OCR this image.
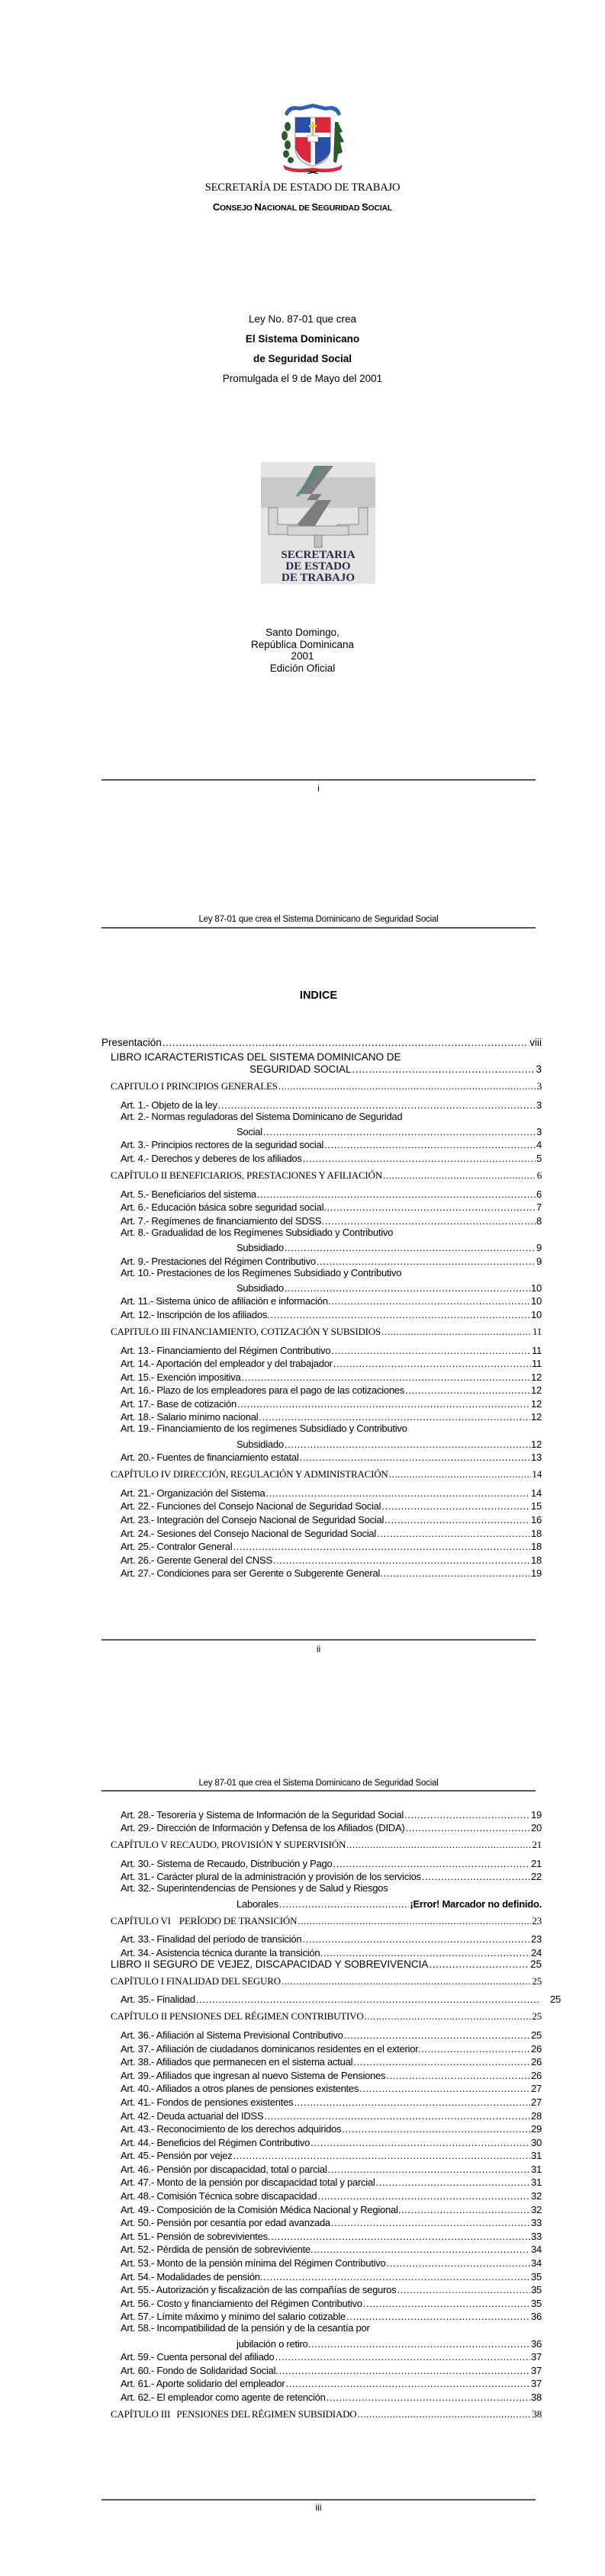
SECRETARÍA DE ESTADO DE TRABAJO
CONSEJO NACIONAL DE SEGURIDAD SOCIAL
Ley No. 87-01 que crea
El Sistema Dominicano
de Seguridad Social
Promulgada el 9 de Mayo del 2001
SECRETARIA
DE ESTADO
DE TRABAJO
Santo Domingo,
República Dominicana
2001
Edición Oficial
i
Ley 87-01 que crea el Sistema Dominicano de Seguridad Social
INDICE
Presentación .....	viii
LIBRO ICARACTERISTICAS DEL SISTEMA DOMINICANO DE
SEGURIDAD SOCIAL .....	3
CAPITULO I PRINCIPIOS GENERALES .....	3
Art. 1.- Objeto de la ley .....	3
Art. 2.- Normas reguladoras del Sistema Dominicano de Seguridad
Social .....	3
Art. 3.- Principios rectores de la seguridad social .....	4
Art. 4.- Derechos y deberes de los afiliados .....	5
CAPÍTULO II BENEFICIARIOS, PRESTACIONES Y AFILIACIÓN .....	6
Art. 5.- Beneficiarios del sistema .....	6
Art. 6.- Educación básica sobre seguridad social. .....	7
Art. 7.- Regímenes de financiamiento del SDSS. .....	8
Art. 8.- Gradualidad de los Regímenes Subsidiado y Contributivo
Subsidiado .....	9
Art. 9.- Prestaciones del Régimen Contributivo .....	9
Art. 10.- Prestaciones de los Regímenes Subsidiado y Contributivo
Subsidiado .....	10
Art. 11.- Sistema único de afiliación e información. .....	10
Art. 12.- Inscripción de los afiliados. .....	10
CAPITULO III FINANCIAMIENTO, COTIZACIÓN Y SUBSIDIOS .....	11
Art. 13.- Financiamiento del Régimen Contributivo .....	11
Art. 14.- Aportación del empleador y del trabajador .....	11
Art. 15.- Exención impositiva .....	12
Art. 16.- Plazo de los empleadores para el pago de las cotizaciones .....	12
Art. 17.- Base de cotización .....	12
Art. 18.- Salario mínimo nacional .....	12
Art. 19.- Financiamiento de los regímenes Subsidiado y Contributivo
Subsidiado .....	12
Art. 20.- Fuentes de financiamiento estatal .....	13
CAPÍTULO IV DIRECCIÓN, REGULACIÓN Y ADMINISTRACIÓN .....	14
Art. 21.- Organización del Sistema .....	14
Art. 22.- Funciones del Consejo Nacional de Seguridad Social .....	15
Art. 23.- Integración del Consejo Nacional de Seguridad Social .....	16
Art. 24.- Sesiones del Consejo Nacional de Seguridad Social .....	18
Art. 25.- Contralor General .....	18
Art. 26.- Gerente General del CNSS .....	18
Art. 27.- Condiciones para ser Gerente o Subgerente General. .....	19
ii
Ley 87-01 que crea el Sistema Dominicano de Seguridad Social
Art. 28.- Tesorería y Sistema de Información de la Seguridad Social .....	19
Art. 29.- Dirección de Información y Defensa de los Afiliados (DIDA) .....	20
CAPÍTULO V RECAUDO, PROVISIÓN Y SUPERVISIÓN .....	21
Art. 30.- Sistema de Recaudo, Distribución y Pago .....	21
Art. 31.- Carácter plural de la administración y provisión de los servicios .....	22
Art. 32.- Superintendencias de Pensiones y de Salud y Riesgos
Laborales .....	¡Error! Marcador no definido.
CAPÍTULO VI PERÍODO DE TRANSICIÓN .....	23
Art. 33.- Finalidad del período de transición .....	23
Art. 34.- Asistencia técnica durante la transición. .....	24
LIBRO II SEGURO DE VEJEZ, DISCAPACIDAD Y SOBREVIVENCIA .....	25
CAPÍTULO I FINALIDAD DEL SEGURO .....	25
Art. 35.- Finalidad .....	25
CAPÍTULO II PENSIONES DEL RÉGIMEN CONTRIBUTIVO .....	25
Art. 36.- Afiliación al Sistema Previsional Contributivo .....	25
Art. 37.- Afiliación de ciudadanos dominicanos residentes en el exterior. .....	26
Art. 38.- Afiliados que permanecen en el sistema actual .....	26
Art. 39.- Afiliados que ingresan al nuevo Sistema de Pensiones .....	26
Art. 40.- Afiliados a otros planes de pensiones existentes .....	27
Art. 41.- Fondos de pensiones existentes .....	27
Art. 42.- Deuda actuarial del IDSS .....	28
Art. 43.- Reconocimiento de los derechos adquiridos .....	29
Art. 44.- Beneficios del Régimen Contributivo .....	30
Art. 45.- Pensión por vejez .....	31
Art. 46.- Pensión por discapacidad, total o parcial .....	31
Art. 47.- Monto de la pensión por discapacidad total y parcial .....	31
Art. 48.- Comisión Técnica sobre discapacidad .....	32
Art. 49.- Composición de la Comisión Médica Nacional y Regional. .....	32
Art. 50.- Pensión por cesantía por edad avanzada .....	33
Art. 51.- Pensión de sobrevivientes. .....	33
Art. 52.- Pérdida de pensión de sobreviviente. .....	34
Art. 53.- Monto de la pensión mínima del Régimen Contributivo .....	34
Art. 54.- Modalidades de pensión. .....	35
Art. 55.- Autorización y fiscalización de las compañías de seguros .....	35
Art. 56.- Costo y financiamiento del Régimen Contributivo .....	35
Art. 57.- Límite máximo y mínimo del salario cotizable .....	36
Art. 58.- Incompatibilidad de la pensión y de la cesantía por
jubilación o retiro. .....	36
Art. 59.- Cuenta personal del afiliado .....	37
Art. 60.- Fondo de Solidaridad Social. .....	37
Art. 61.- Aporte solidario del empleador .....	37
Art. 62.- El empleador como agente de retención .....	38
CAPÍTULO III PENSIONES DEL RÉGIMEN SUBSIDIADO .....	38
iii
